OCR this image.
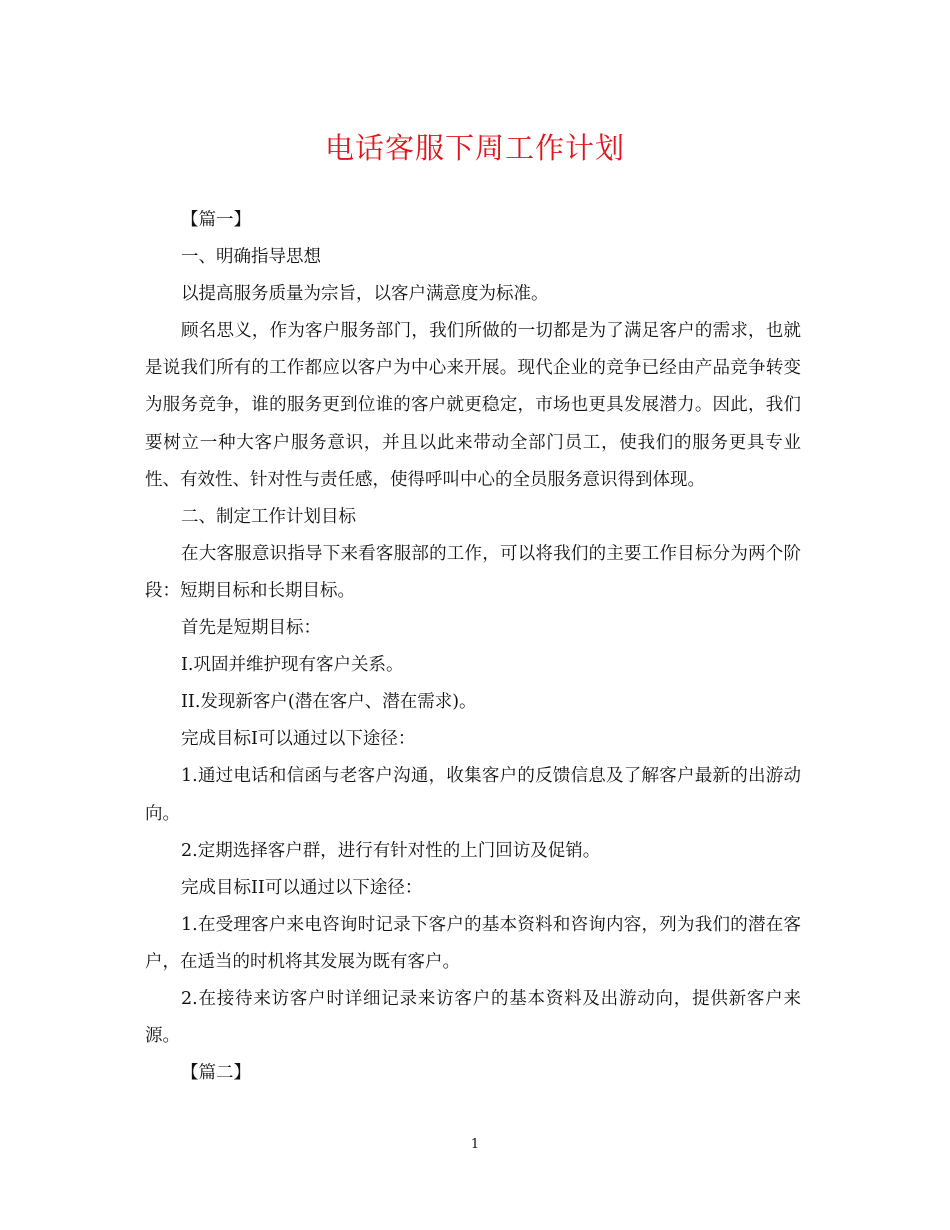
电话客服下周工作计划

【篇一】

一、明确指导思想

以提高服务质量为宗旨，以客户满意度为标准。

顾名思义，作为客户服务部门，我们所做的一切都是为了满足客户的需求，也就是说我们所有的工作都应以客户为中心来开展。现代企业的竞争已经由产品竞争转变为服务竞争，谁的服务更到位谁的客户就更稳定，市场也更具发展潜力。因此，我们要树立一种大客户服务意识，并且以此来带动全部门员工，使我们的服务更具专业性、有效性、针对性与责任感，使得呼叫中心的全员服务意识得到体现。

二、制定工作计划目标

在大客服意识指导下来看客服部的工作，可以将我们的主要工作目标分为两个阶段：短期目标和长期目标。

首先是短期目标：

I.巩固并维护现有客户关系。

II.发现新客户(潜在客户、潜在需求)。

完成目标I可以通过以下途径：

1.通过电话和信函与老客户沟通，收集客户的反馈信息及了解客户最新的出游动向。

2.定期选择客户群，进行有针对性的上门回访及促销。

完成目标II可以通过以下途径：

1.在受理客户来电咨询时记录下客户的基本资料和咨询内容，列为我们的潜在客户，在适当的时机将其发展为既有客户。

2.在接待来访客户时详细记录来访客户的基本资料及出游动向，提供新客户来源。

【篇二】

1
